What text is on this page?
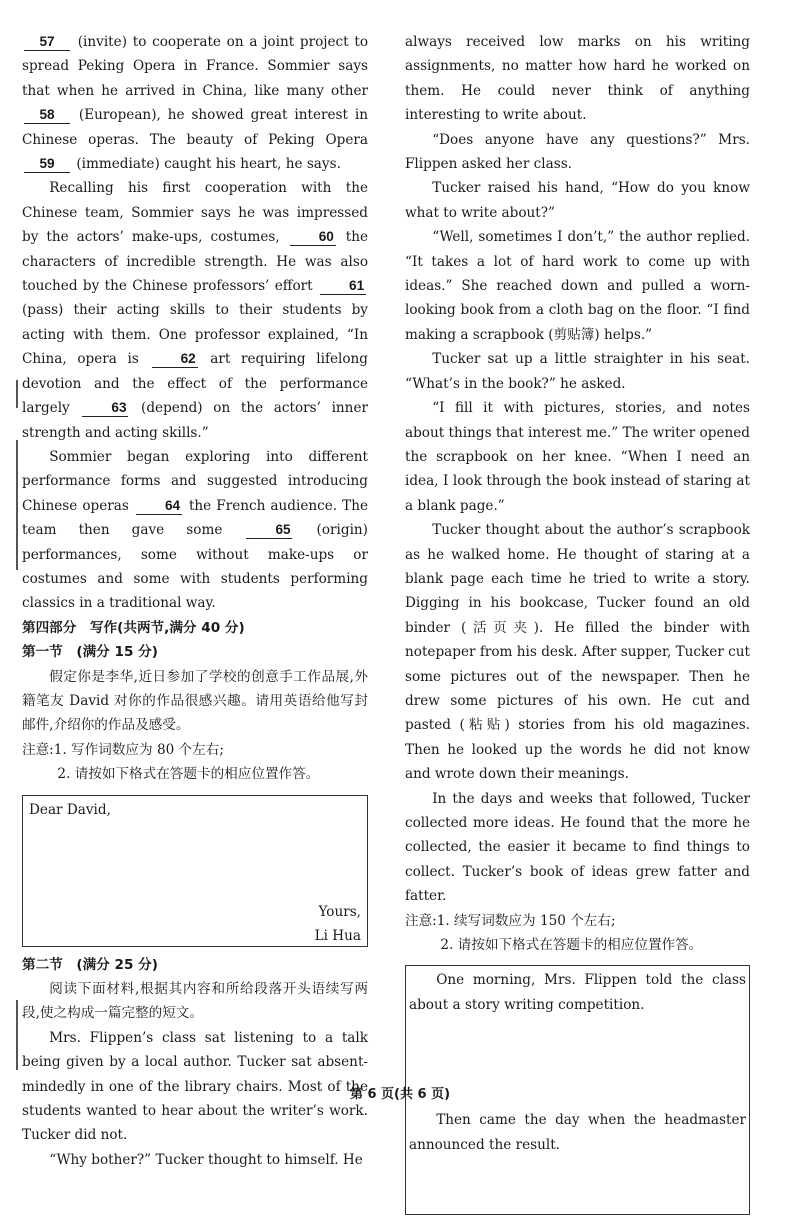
57 (invite) to cooperate on a joint project to spread Peking Opera in France. Sommier says that when he arrived in China, like many other 58 (European), he showed great interest in Chinese operas. The beauty of Peking Opera 59 (immediate) caught his heart, he says.

Recalling his first cooperation with the Chinese team, Sommier says he was impressed by the actors’ make-ups, costumes,	60 the characters of incredible strength. He was also touched by the Chinese professors’ effort	61 (pass) their acting skills to their students by acting with them. One professor explained, “In China, opera is	62 art requiring lifelong devotion and the effect of the performance largely	63 (depend) on the actors’ inner strength and acting skills.”

Sommier began exploring into different performance forms and suggested introducing Chinese operas	64 the French audience. The team then gave some	65 (origin) performances, some without make-ups or costumes and some with students performing classics in a traditional way.

第四部分　写作(共两节,满分 40 分)

第一节　(满分 15 分)

假定你是李华,近日参加了学校的创意手工作品展,外籍笔友 David 对你的作品很感兴趣。请用英语给他写封邮件,介绍你的作品及感受。

注意:1. 写作词数应为 80 个左右;

2. 请按如下格式在答题卡的相应位置作答。

Dear David,
Yours,
Li Hua

第二节　(满分 25 分)

阅读下面材料,根据其内容和所给段落开头语续写两段,使之构成一篇完整的短文。

Mrs. Flippen’s class sat listening to a talk being given by a local author. Tucker sat absent-mindedly in one of the library chairs. Most of the students wanted to hear about the writer’s work. Tucker did not.

“Why bother?” Tucker thought to himself. He

always received low marks on his writing assignments, no matter how hard he worked on them. He could never think of anything interesting to write about.

“Does anyone have any questions?” Mrs. Flippen asked her class.

Tucker raised his hand, “How do you know what to write about?”

“Well, sometimes I don’t,” the author replied. “It takes a lot of hard work to come up with ideas.” She reached down and pulled a worn-looking book from a cloth bag on the floor. “I find making a scrapbook (剪贴簿) helps.”

Tucker sat up a little straighter in his seat. “What’s in the book?” he asked.

“I fill it with pictures, stories, and notes about things that interest me.” The writer opened the scrapbook on her knee. “When I need an idea, I look through the book instead of staring at a blank page.”

Tucker thought about the author’s scrapbook as he walked home. He thought of staring at a blank page each time he tried to write a story. Digging in his bookcase, Tucker found an old binder (活页夹). He filled the binder with notepaper from his desk. After supper, Tucker cut some pictures out of the newspaper. Then he drew some pictures of his own. He cut and pasted (粘贴) stories from his old magazines. Then he looked up the words he did not know and wrote down their meanings.

In the days and weeks that followed, Tucker collected more ideas. He found that the more he collected, the easier it became to find things to collect. Tucker’s book of ideas grew fatter and fatter.

注意:1. 续写词数应为 150 个左右;

2. 请按如下格式在答题卡的相应位置作答。

One morning, Mrs. Flippen told the class about a story writing competition.

Then came the day when the headmaster announced the result.

第 6 页(共 6 页)
